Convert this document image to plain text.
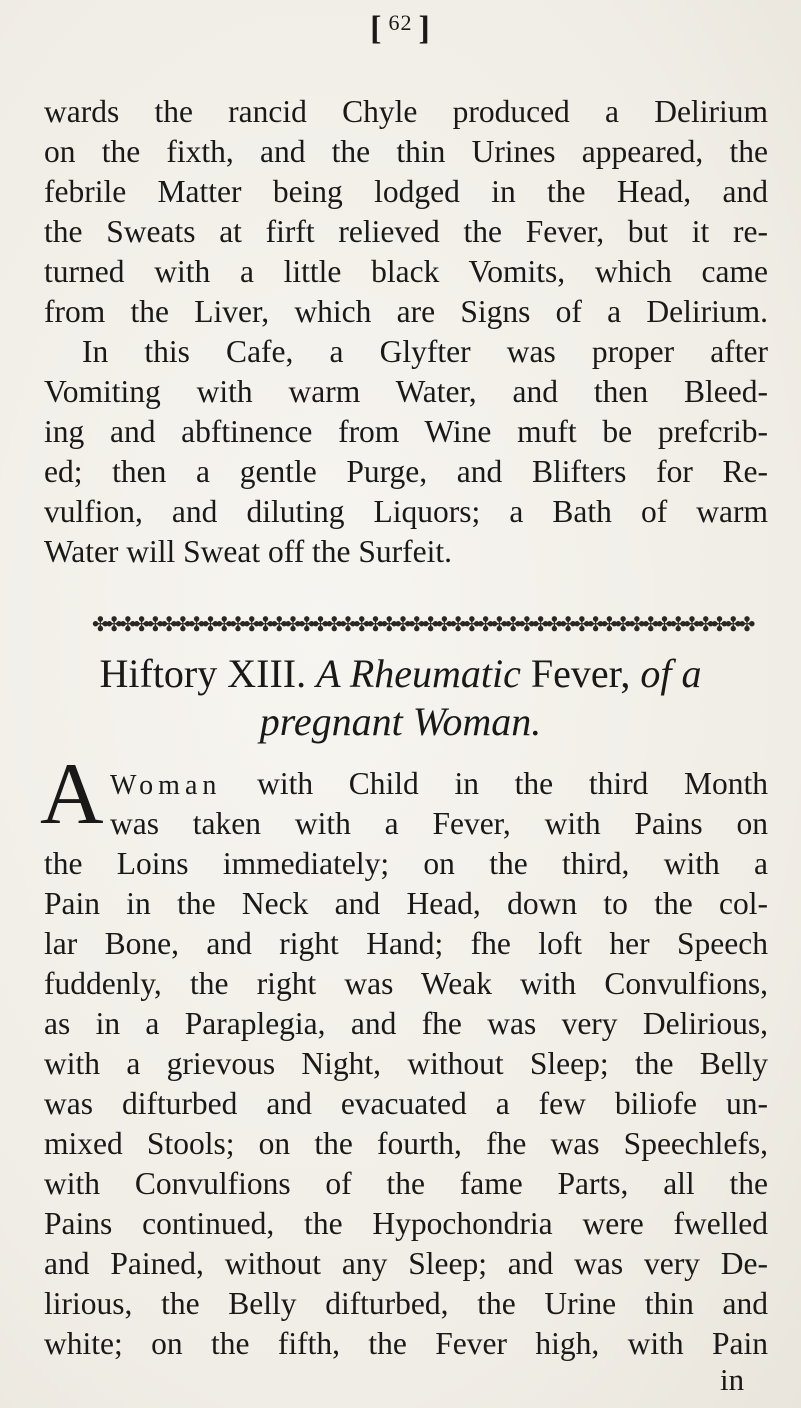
[ $^{62}$ ]
wards the rancid Chyle produced a Delirium
on the fixth, and the thin Urines appeared, the
febrile Matter being lodged in the Head, and
the Sweats at firft relieved the Fever, but it re-
turned with a little black Vomits, which came
from the Liver, which are Signs of a Delirium.
In this Cafe, a Glyfter was proper after
Vomiting with warm Water, and then Bleed-
ing and abftinence from Wine muft be prefcrib-
ed; then a gentle Purge, and Blifters for Re-
vulfion, and diluting Liquors; a Bath of warm
Water will Sweat off the Surfeit.
✤✤✤✤✤✤✤✤✤✤✤✤✤✤✤✤✤✤✤✤✤✤✤✤✤✤✤✤✤✤✤✤✤✤✤✤✤✤✤✤✤✤✤✤✤✤✤✤
Hiftory XIII. A Rheumatic Fever, of a
pregnant Woman.
A Woman with Child in the third Month
was taken with a Fever, with Pains on
the Loins immediately; on the third, with a
Pain in the Neck and Head, down to the col-
lar Bone, and right Hand; fhe loft her Speech
fuddenly, the right was Weak with Convulfions,
as in a Paraplegia, and fhe was very Delirious,
with a grievous Night, without Sleep; the Belly
was difturbed and evacuated a few biliofe un-
mixed Stools; on the fourth, fhe was Speechlefs,
with Convulfions of the fame Parts, all the
Pains continued, the Hypochondria were fwelled
and Pained, without any Sleep; and was very De-
lirious, the Belly difturbed, the Urine thin and
white; on the fifth, the Fever high, with Pain
in
